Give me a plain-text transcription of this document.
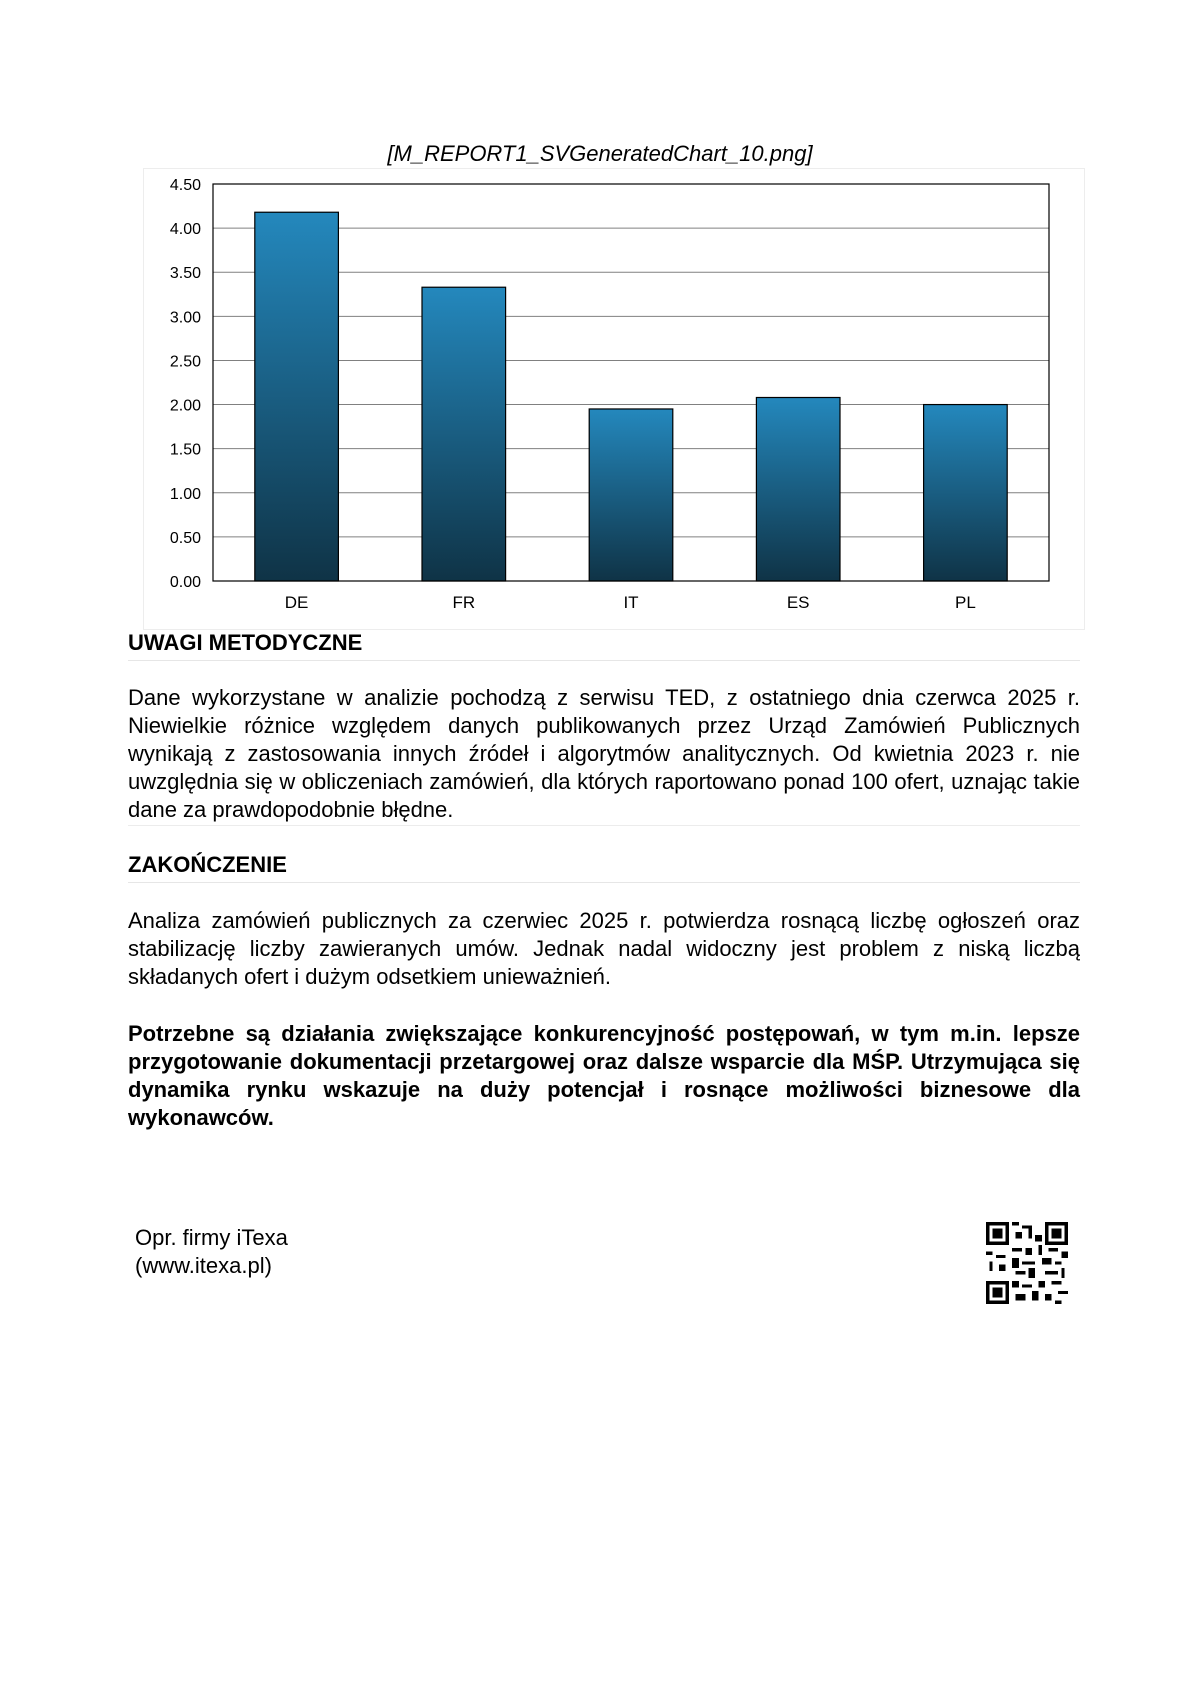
[M_REPORT1_SVGeneratedChart_10.png]
0.00
0.50
1.00
1.50
2.00
2.50
3.00
3.50
4.00
4.50
DE	FR	IT	ES	PL
UWAGI METODYCZNE
Dane wykorzystane w analizie pochodzą z serwisu TED, z ostatniego dnia czerwca 2025 r. Niewielkie różnice względem danych publikowanych przez Urząd Zamówień Publicznych wynikają z zastosowania innych źródeł i algorytmów analitycznych. Od kwietnia 2023 r. nie uwzględnia się w obliczeniach zamówień, dla których raportowano ponad 100 ofert, uznając takie dane za prawdopodobnie błędne.
ZAKOŃCZENIE
Analiza zamówień publicznych za czerwiec 2025 r. potwierdza rosnącą liczbę ogłoszeń oraz stabilizację liczby zawieranych umów. Jednak nadal widoczny jest problem z niską liczbą składanych ofert i dużym odsetkiem unieważnień.
Potrzebne są działania zwiększające konkurencyjność postępowań, w tym m.in. lepsze przygotowanie dokumentacji przetargowej oraz dalsze wsparcie dla MŚP. Utrzymująca się dynamika rynku wskazuje na duży potencjał i rosnące możliwości biznesowe dla wykonawców.
Opr. firmy iTexa
(www.itexa.pl)
